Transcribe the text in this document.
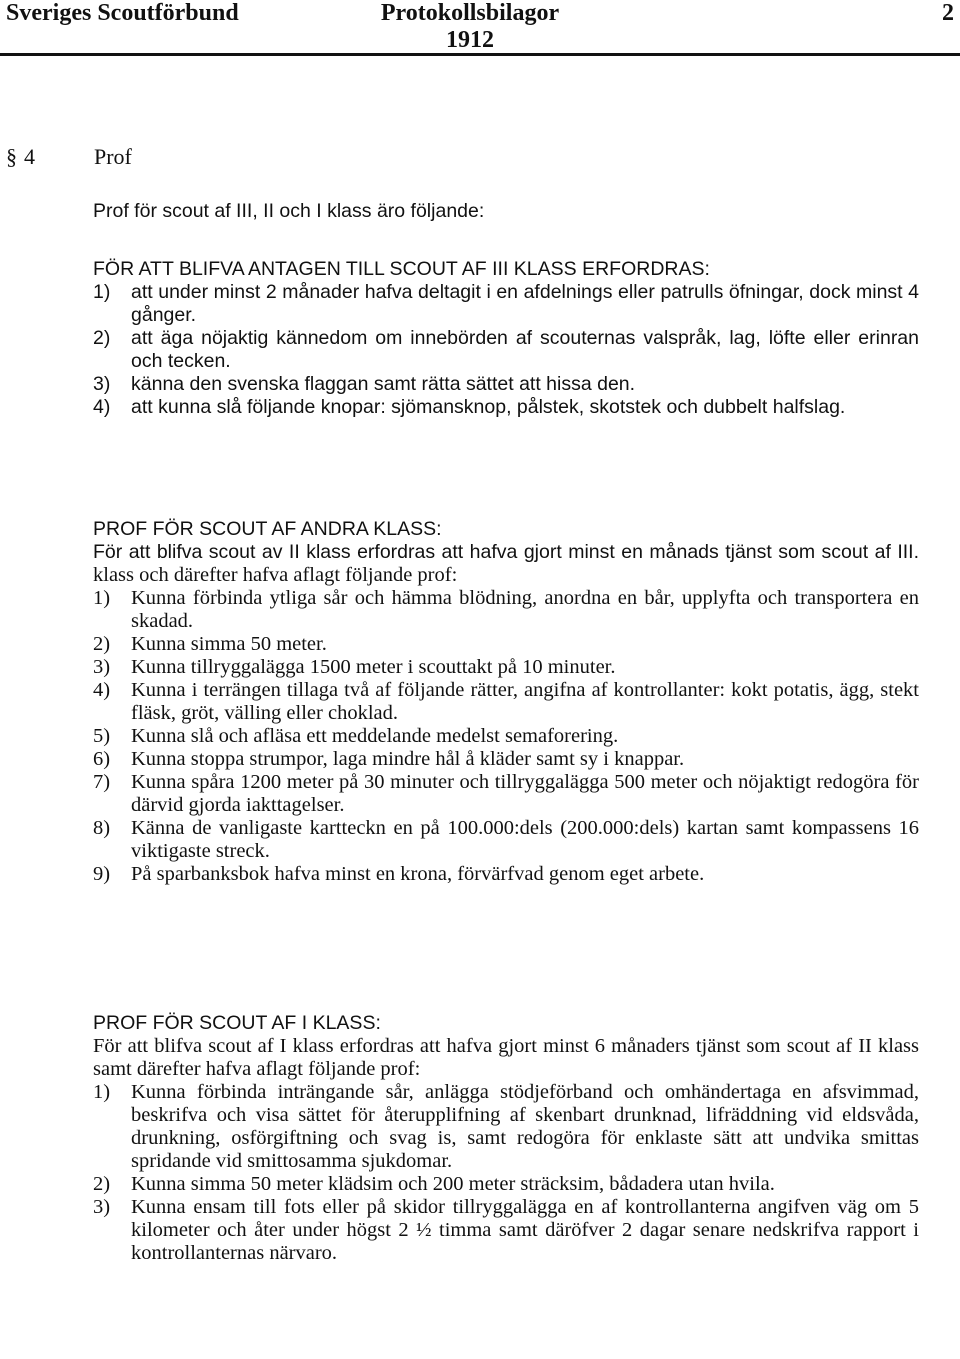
Sveriges Scoutförbund	Protokollsbilagor
1912
2
§ 4	Prof

Prof för scout af III, II och I klass äro följande:

FÖR ATT BLIFVA ANTAGEN TILL SCOUT AF III KLASS ERFORDRAS:

1) att under minst 2 månader hafva deltagit i en afdelnings eller patrulls öfningar, dock minst 4 gånger.
2) att äga nöjaktig kännedom om innebörden af scouternas valspråk, lag, löfte eller erinran och tecken.
3) känna den svenska flaggan samt rätta sättet att hissa den.
4) att kunna slå följande knopar: sjömansknop, pålstek, skotstek och dubbelt halfslag.

PROF FÖR SCOUT AF ANDRA KLASS:

För att blifva scout av II klass erfordras att hafva gjort minst en månads tjänst som scout af III. klass och därefter hafva aflagt följande prof:

1) Kunna förbinda ytliga sår och hämma blödning, anordna en bår, upplyfta och transportera en skadad.
2) Kunna simma 50 meter.
3) Kunna tillryggalägga 1500 meter i scouttakt på 10 minuter.
4) Kunna i terrängen tillaga två af följande rätter, angifna af kontrollanter: kokt potatis, ägg, stekt fläsk, gröt, välling eller choklad.
5) Kunna slå och afläsa ett meddelande medelst semaforering.
6) Kunna stoppa strumpor, laga mindre hål å kläder samt sy i knappar.
7) Kunna spåra 1200 meter på 30 minuter och tillryggalägga 500 meter och nöjaktigt redogöra för därvid gjorda iakttagelser.
8) Känna de vanligaste kartteckn en på 100.000:dels (200.000:dels) kartan samt kompassens 16 viktigaste streck.
9) På sparbanksbok hafva minst en krona, förvärfvad genom eget arbete.

PROF FÖR SCOUT AF I KLASS:

För att blifva scout af I klass erfordras att hafva gjort minst 6 månaders tjänst som scout af II klass samt därefter hafva aflagt följande prof:

1) Kunna förbinda inträngande sår, anlägga stödjeförband och omhändertaga en afsvimmad, beskrifva och visa sättet för återupplifning af skenbart drunknad, lifräddning vid eldsvåda, drunkning, osförgiftning och svag is, samt redogöra för enklaste sätt att undvika smittas spridande vid smittosamma sjukdomar.
2) Kunna simma 50 meter klädsim och 200 meter sträcksim, bådadera utan hvila.
3) Kunna ensam till fots eller på skidor tillryggalägga en af kontrollanterna angifven väg om 5 kilometer och åter under högst 2 ½ timma samt däröfver 2 dagar senare nedskrifva rapport i kontrollanternas närvaro.
